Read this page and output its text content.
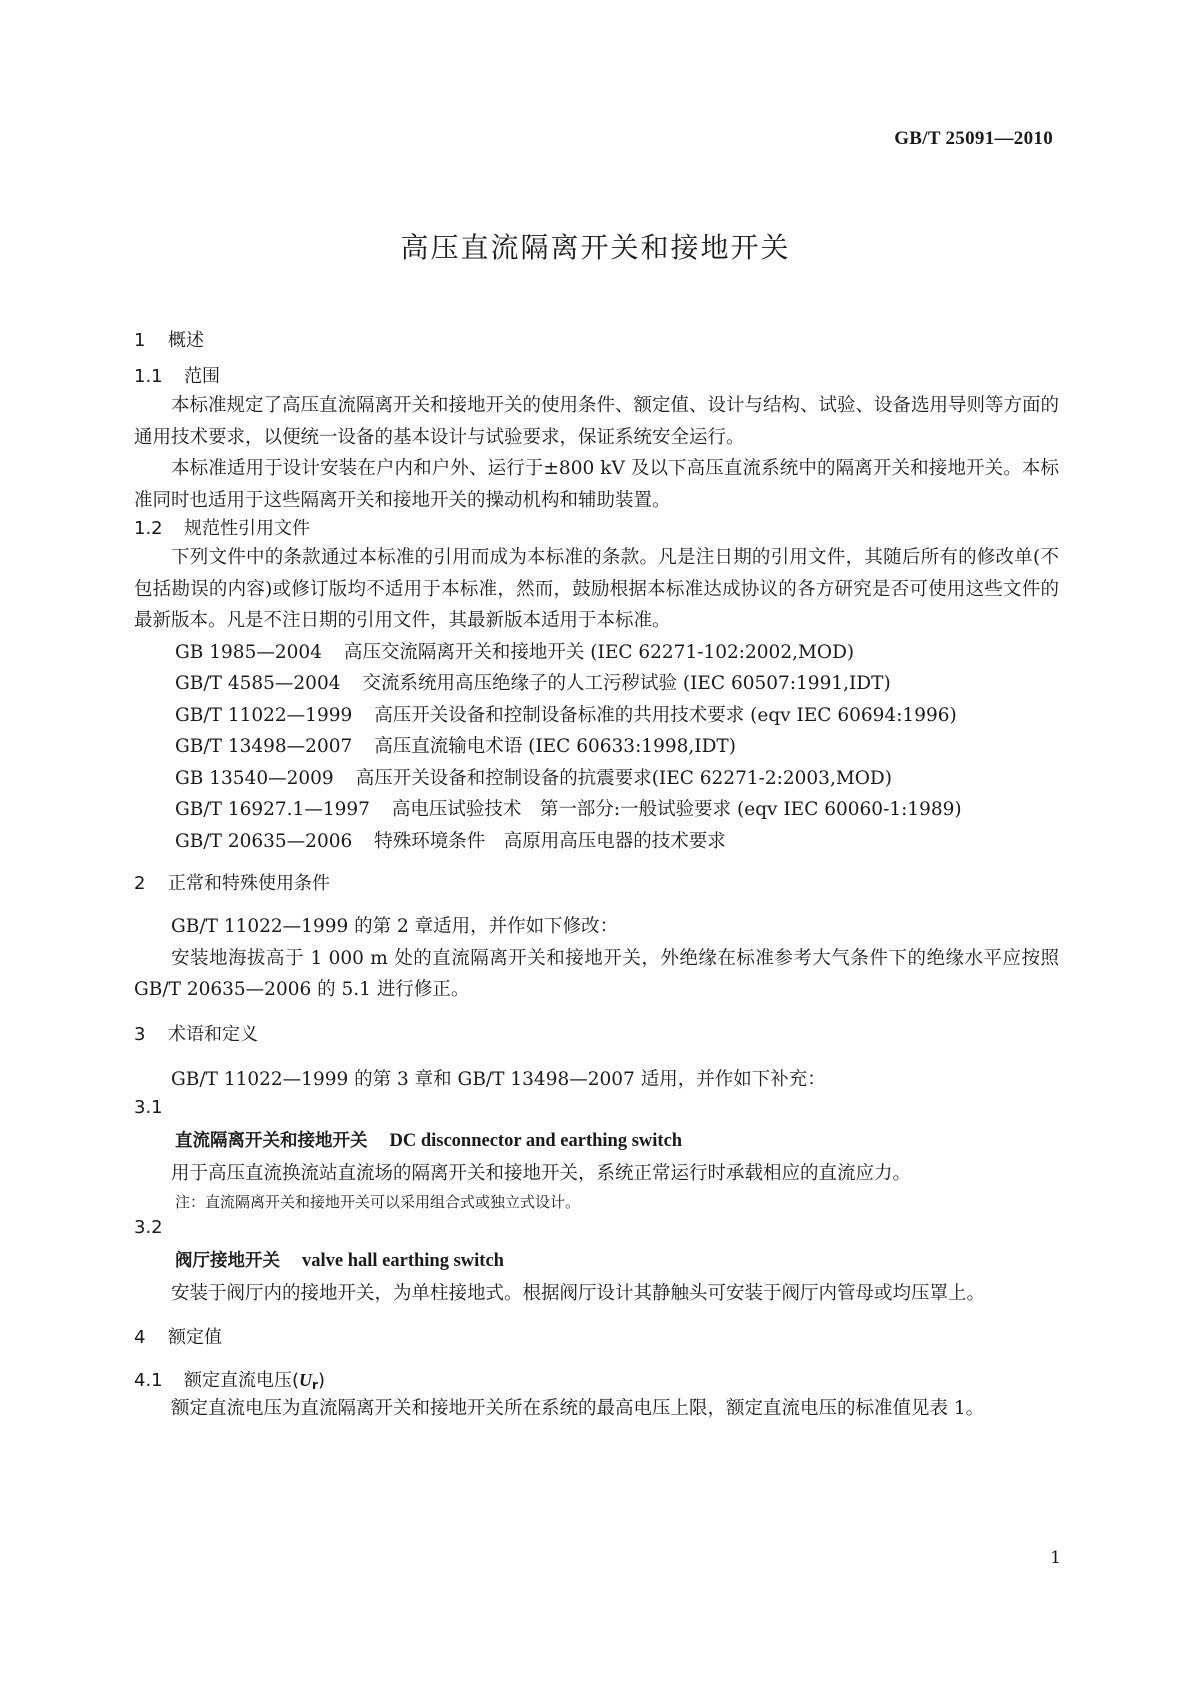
GB/T 25091—2010
高压直流隔离开关和接地开关
1 概述
1.1 范围

本标准规定了高压直流隔离开关和接地开关的使用条件、额定值、设计与结构、试验、设备选用导则等方面的通用技术要求，以便统一设备的基本设计与试验要求，保证系统安全运行。

本标准适用于设计安装在户内和户外、运行于±800 kV 及以下高压直流系统中的隔离开关和接地开关。本标准同时也适用于这些隔离开关和接地开关的操动机构和辅助装置。

1.2 规范性引用文件

下列文件中的条款通过本标准的引用而成为本标准的条款。凡是注日期的引用文件，其随后所有的修改单(不包括勘误的内容)或修订版均不适用于本标准，然而，鼓励根据本标准达成协议的各方研究是否可使用这些文件的最新版本。凡是不注日期的引用文件，其最新版本适用于本标准。

GB 1985—2004 高压交流隔离开关和接地开关 (IEC 62271-102:2002,MOD)
GB/T 4585—2004 交流系统用高压绝缘子的人工污秽试验 (IEC 60507:1991,IDT)
GB/T 11022—1999 高压开关设备和控制设备标准的共用技术要求 (eqv IEC 60694:1996)
GB/T 13498—2007 高压直流输电术语 (IEC 60633:1998,IDT)
GB 13540—2009 高压开关设备和控制设备的抗震要求(IEC 62271-2:2003,MOD)
GB/T 16927.1—1997 高电压试验技术　第一部分:一般试验要求 (eqv IEC 60060-1:1989)
GB/T 20635—2006 特殊环境条件　高原用高压电器的技术要求
2 正常和特殊使用条件

GB/T 11022—1999 的第 2 章适用，并作如下修改：

安装地海拔高于 1 000 m 处的直流隔离开关和接地开关，外绝缘在标准参考大气条件下的绝缘水平应按照 GB/T 20635—2006 的 5.1 进行修正。

3 术语和定义

GB/T 11022—1999 的第 3 章和 GB/T 13498—2007 适用，并作如下补充：

3.1
直流隔离开关和接地开关 DC disconnector and earthing switch

用于高压直流换流站直流场的隔离开关和接地开关，系统正常运行时承载相应的直流应力。

注：直流隔离开关和接地开关可以采用组合式或独立式设计。
3.2
阀厅接地开关 valve hall earthing switch

安装于阀厅内的接地开关，为单柱接地式。根据阀厅设计其静触头可安装于阀厅内管母或均压罩上。

4 额定值
4.1 额定直流电压$(U_r)$

额定直流电压为直流隔离开关和接地开关所在系统的最高电压上限，额定直流电压的标准值见表 1。

1
